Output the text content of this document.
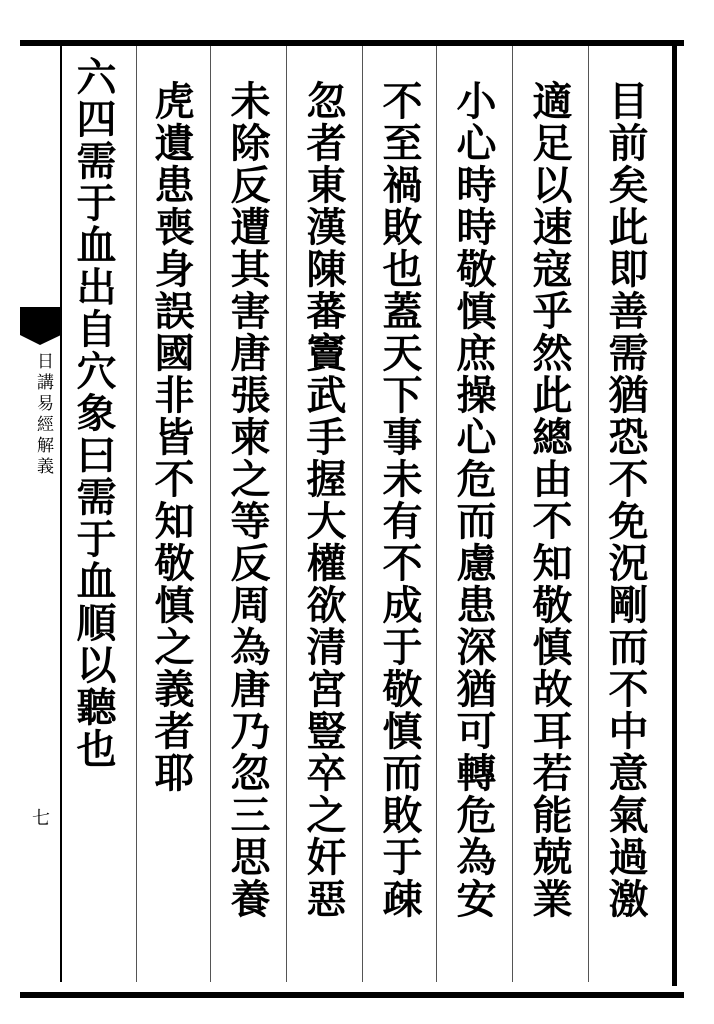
日講易經解義
七	目前矣此即善需猶恐不免況剛而不中意氣過激
適足以速寇乎然此總由不知敬慎故耳若能兢業
小心時時敬慎庶操心危而慮患深猶可轉危為安
不至禍敗也蓋天下事未有不成于敬慎而敗于疎
忽者東漢陳蕃竇武手握大權欲清宮豎卒之奸惡
未除反遭其害唐張柬之等反周為唐乃忽三思養
虎遺患喪身誤國非皆不知敬慎之義者耶
六四需于血出自穴象曰需于血順以聽也
